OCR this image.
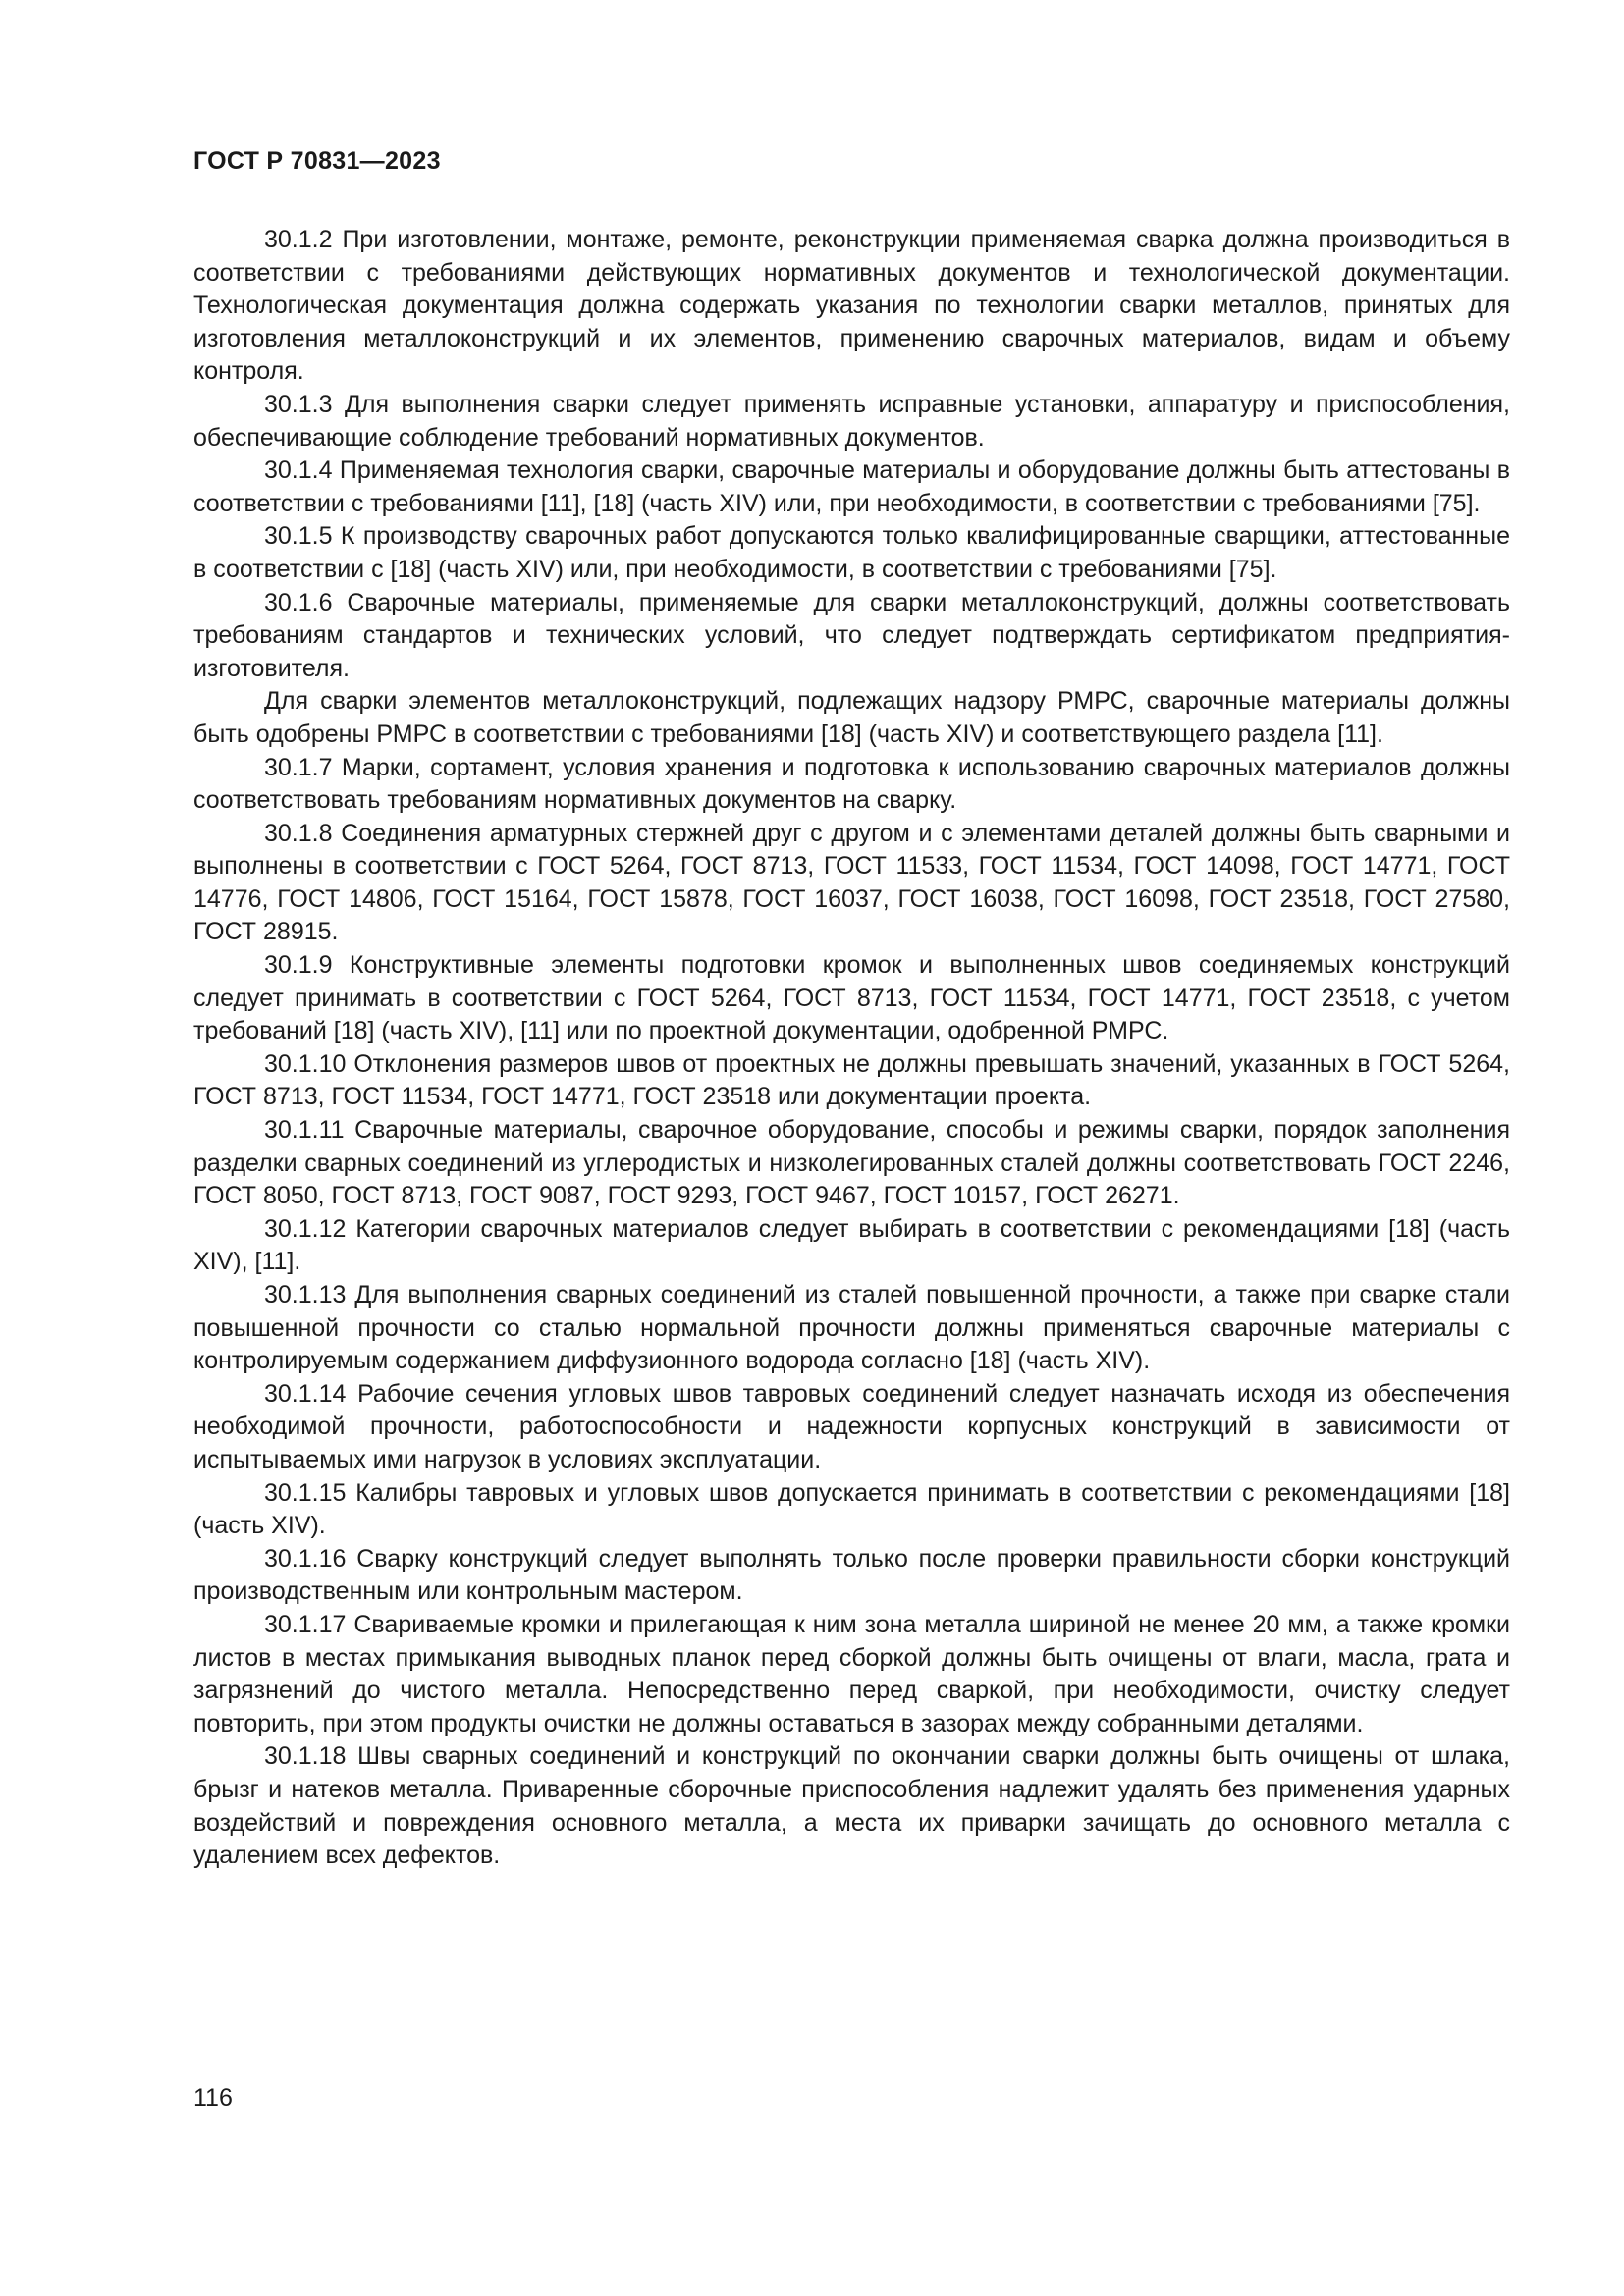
ГОСТ Р 70831—2023

30.1.2 При изготовлении, монтаже, ремонте, реконструкции применяемая сварка должна производиться в соответствии с требованиями действующих нормативных документов и технологической документации. Технологическая документация должна содержать указания по технологии сварки металлов, принятых для изготовления металлоконструкций и их элементов, применению сварочных материалов, видам и объему контроля.

30.1.3 Для выполнения сварки следует применять исправные установки, аппаратуру и приспособления, обеспечивающие соблюдение требований нормативных документов.

30.1.4 Применяемая технология сварки, сварочные материалы и оборудование должны быть аттестованы в соответствии с требованиями [11], [18] (часть XIV) или, при необходимости, в соответствии с требованиями [75].

30.1.5 К производству сварочных работ допускаются только квалифицированные сварщики, аттестованные в соответствии с [18] (часть XIV) или, при необходимости, в соответствии с требованиями [75].

30.1.6 Сварочные материалы, применяемые для сварки металлоконструкций, должны соответствовать требованиям стандартов и технических условий, что следует подтверждать сертификатом предприятия-изготовителя.

Для сварки элементов металлоконструкций, подлежащих надзору РМРС, сварочные материалы должны быть одобрены РМРС в соответствии с требованиями [18] (часть XIV) и соответствующего раздела [11].

30.1.7 Марки, сортамент, условия хранения и подготовка к использованию сварочных материалов должны соответствовать требованиям нормативных документов на сварку.

30.1.8 Соединения арматурных стержней друг с другом и с элементами деталей должны быть сварными и выполнены в соответствии с ГОСТ 5264, ГОСТ 8713, ГОСТ 11533, ГОСТ 11534, ГОСТ 14098, ГОСТ 14771, ГОСТ 14776, ГОСТ 14806, ГОСТ 15164, ГОСТ 15878, ГОСТ 16037, ГОСТ 16038, ГОСТ 16098, ГОСТ 23518, ГОСТ 27580, ГОСТ 28915.

30.1.9 Конструктивные элементы подготовки кромок и выполненных швов соединяемых конструкций следует принимать в соответствии с ГОСТ 5264, ГОСТ 8713, ГОСТ 11534, ГОСТ 14771, ГОСТ 23518, с учетом требований [18] (часть XIV), [11] или по проектной документации, одобренной РМРС.

30.1.10 Отклонения размеров швов от проектных не должны превышать значений, указанных в ГОСТ 5264, ГОСТ 8713, ГОСТ 11534, ГОСТ 14771, ГОСТ 23518 или документации проекта.

30.1.11 Сварочные материалы, сварочное оборудование, способы и режимы сварки, порядок заполнения разделки сварных соединений из углеродистых и низколегированных сталей должны соответствовать ГОСТ 2246, ГОСТ 8050, ГОСТ 8713, ГОСТ 9087, ГОСТ 9293, ГОСТ 9467, ГОСТ 10157, ГОСТ 26271.

30.1.12 Категории сварочных материалов следует выбирать в соответствии с рекомендациями [18] (часть XIV), [11].

30.1.13 Для выполнения сварных соединений из сталей повышенной прочности, а также при сварке стали повышенной прочности со сталью нормальной прочности должны применяться сварочные материалы с контролируемым содержанием диффузионного водорода согласно [18] (часть XIV).

30.1.14 Рабочие сечения угловых швов тавровых соединений следует назначать исходя из обеспечения необходимой прочности, работоспособности и надежности корпусных конструкций в зависимости от испытываемых ими нагрузок в условиях эксплуатации.

30.1.15 Калибры тавровых и угловых швов допускается принимать в соответствии с рекомендациями [18] (часть XIV).

30.1.16 Сварку конструкций следует выполнять только после проверки правильности сборки конструкций производственным или контрольным мастером.

30.1.17 Свариваемые кромки и прилегающая к ним зона металла шириной не менее 20 мм, а также кромки листов в местах примыкания выводных планок перед сборкой должны быть очищены от влаги, масла, грата и загрязнений до чистого металла. Непосредственно перед сваркой, при необходимости, очистку следует повторить, при этом продукты очистки не должны оставаться в зазорах между собранными деталями.

30.1.18 Швы сварных соединений и конструкций по окончании сварки должны быть очищены от шлака, брызг и натеков металла. Приваренные сборочные приспособления надлежит удалять без применения ударных воздействий и повреждения основного металла, а места их приварки зачищать до основного металла с удалением всех дефектов.

116
